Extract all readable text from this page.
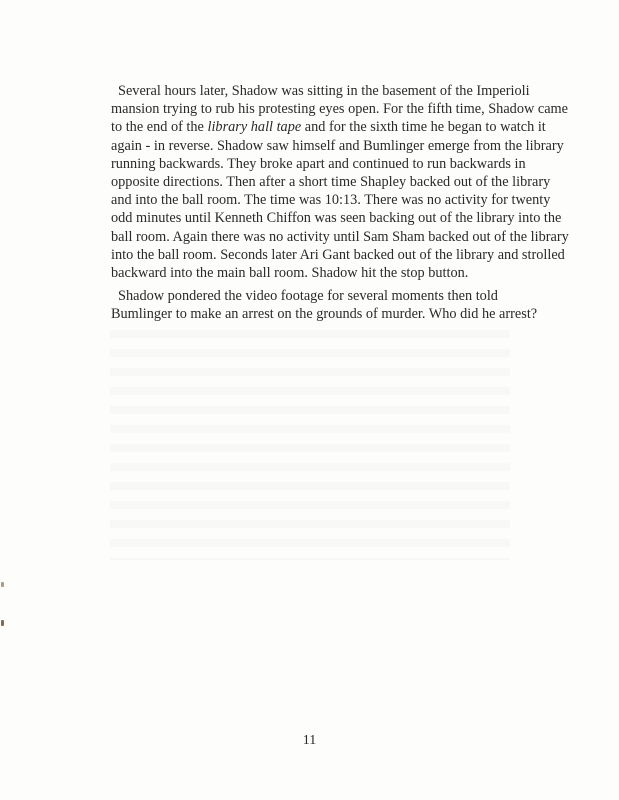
Several hours later, Shadow was sitting in the basement of the Imperioli
mansion trying to rub his protesting eyes open. For the fifth time, Shadow came
to the end of the library hall tape and for the sixth time he began to watch it
again - in reverse. Shadow saw himself and Bumlinger emerge from the library
running backwards. They broke apart and continued to run backwards in
opposite directions. Then after a short time Shapley backed out of the library
and into the ball room. The time was 10:13. There was no activity for twenty
odd minutes until Kenneth Chiffon was seen backing out of the library into the
ball room. Again there was no activity until Sam Sham backed out of the library
into the ball room. Seconds later Ari Gant backed out of the library and strolled
backward into the main ball room. Shadow hit the stop button.
Shadow pondered the video footage for several moments then told
Bumlinger to make an arrest on the grounds of murder. Who did he arrest?
11
